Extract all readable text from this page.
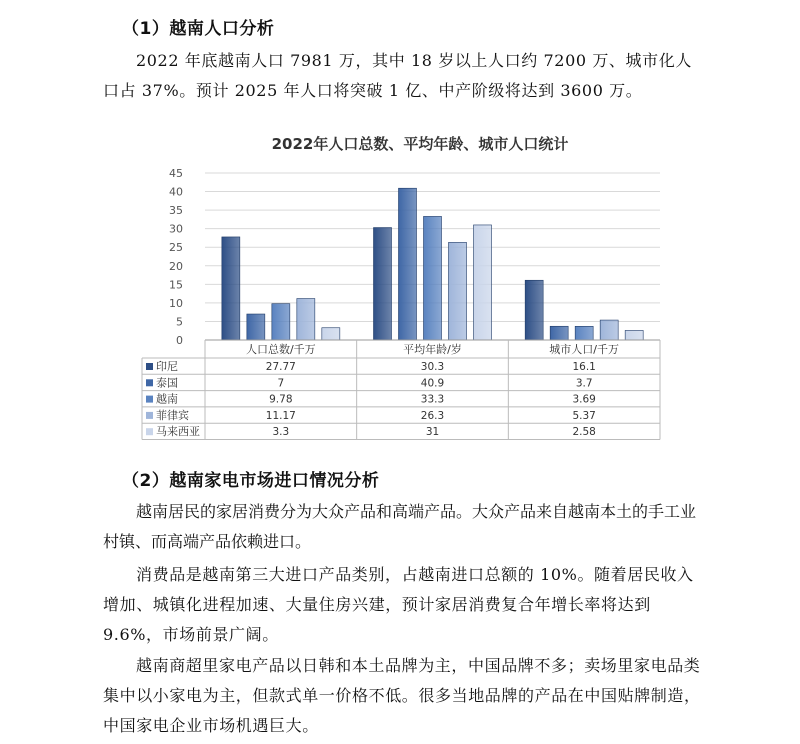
（1）越南人口分析

2022 年底越南人口 7981 万，其中 18 岁以上人口约 7200 万、城市化人口占 37%。预计 2025 年人口将突破 1 亿、中产阶级将达到 3600 万。

2022年人口总数、平均年龄、城市人口统计
0
5
10
15
20
25
30
35
40
45
人口总数/千万	平均年龄/岁	城市人口/千万
印尼	27.77	30.3	16.1
泰国	7	40.9	3.7
越南	9.78	33.3	3.69
菲律宾	11.17	26.3	5.37
马来西亚	3.3	31	2.58
（2）越南家电市场进口情况分析

越南居民的家居消费分为大众产品和高端产品。大众产品来自越南本土的手工业村镇、而高端产品依赖进口。

消费品是越南第三大进口产品类别，占越南进口总额的 10%。随着居民收入增加、城镇化进程加速、大量住房兴建，预计家居消费复合年增长率将达到 9.6%，市场前景广阔。

越南商超里家电产品以日韩和本土品牌为主，中国品牌不多；卖场里家电品类集中以小家电为主，但款式单一价格不低。很多当地品牌的产品在中国贴牌制造，中国家电企业市场机遇巨大。
